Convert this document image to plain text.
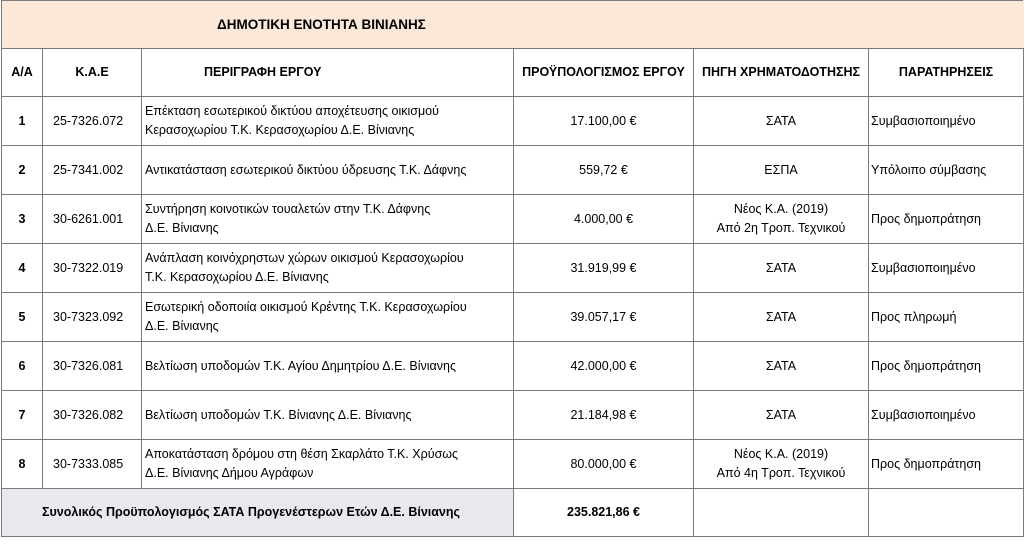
ΔΗΜΟΤΙΚΗ ΕΝΟΤΗΤΑ ΒΙΝΙΑΝΗΣ					
Α/Α	Κ.Α.Ε	ΠΕΡΙΓΡΑΦΗ ΕΡΓΟΥ	ΠΡΟΫΠΟΛΟΓΙΣΜΟΣ ΕΡΓΟΥ	ΠΗΓΗ ΧΡΗΜΑΤΟΔΟΤΗΣΗΣ	ΠΑΡΑΤΗΡΗΣΕΙΣ
1	25-7326.072	Επέκταση εσωτερικού δικτύου αποχέτευσης οικισμού
Κερασοχωρίου Τ.Κ. Κερασοχωρίου Δ.Ε. Βίνιανης	17.100,00 €	ΣΑΤΑ	Συμβασιοποιημένο
2	25-7341.002	Αντικατάσταση εσωτερικού δικτύου ύδρευσης Τ.Κ. Δάφνης	559,72 €	ΕΣΠΑ	Υπόλοιπο σύμβασης
3	30-6261.001	Συντήρηση κοινοτικών τουαλετών στην Τ.Κ. Δάφνης
Δ.Ε. Βίνιανης	4.000,00 €	Νέος Κ.Α. (2019)
Από 2η Τροπ. Τεχνικού	Προς δημοπράτηση
4	30-7322.019	Ανάπλαση κοινόχρηστων χώρων οικισμού Κερασοχωρίου
Τ.Κ. Κερασοχωρίου Δ.Ε. Βίνιανης	31.919,99 €	ΣΑΤΑ	Συμβασιοποιημένο
5	30-7323.092	Εσωτερική οδοποιία οικισμού Κρέντης Τ.Κ. Κερασοχωρίου
Δ.Ε. Βίνιανης	39.057,17 €	ΣΑΤΑ	Προς πληρωμή
6	30-7326.081	Βελτίωση υποδομών Τ.Κ. Αγίου Δημητρίου Δ.Ε. Βίνιανης	42.000,00 €	ΣΑΤΑ	Προς δημοπράτηση
7	30-7326.082	Βελτίωση υποδομών Τ.Κ. Βίνιανης Δ.Ε. Βίνιανης	21.184,98 €	ΣΑΤΑ	Συμβασιοποιημένο
8	30-7333.085	Αποκατάσταση δρόμου στη θέση Σκαρλάτο Τ.Κ. Χρύσως
Δ.Ε. Βίνιανης Δήμου Αγράφων	80.000,00 €	Νέος Κ.Α. (2019)
Από 4η Τροπ. Τεχνικού	Προς δημοπράτηση
Συνολικός Προϋπολογισμός ΣΑΤΑ Προγενέστερων Ετών Δ.Ε. Βίνιανης			235.821,86 €		
